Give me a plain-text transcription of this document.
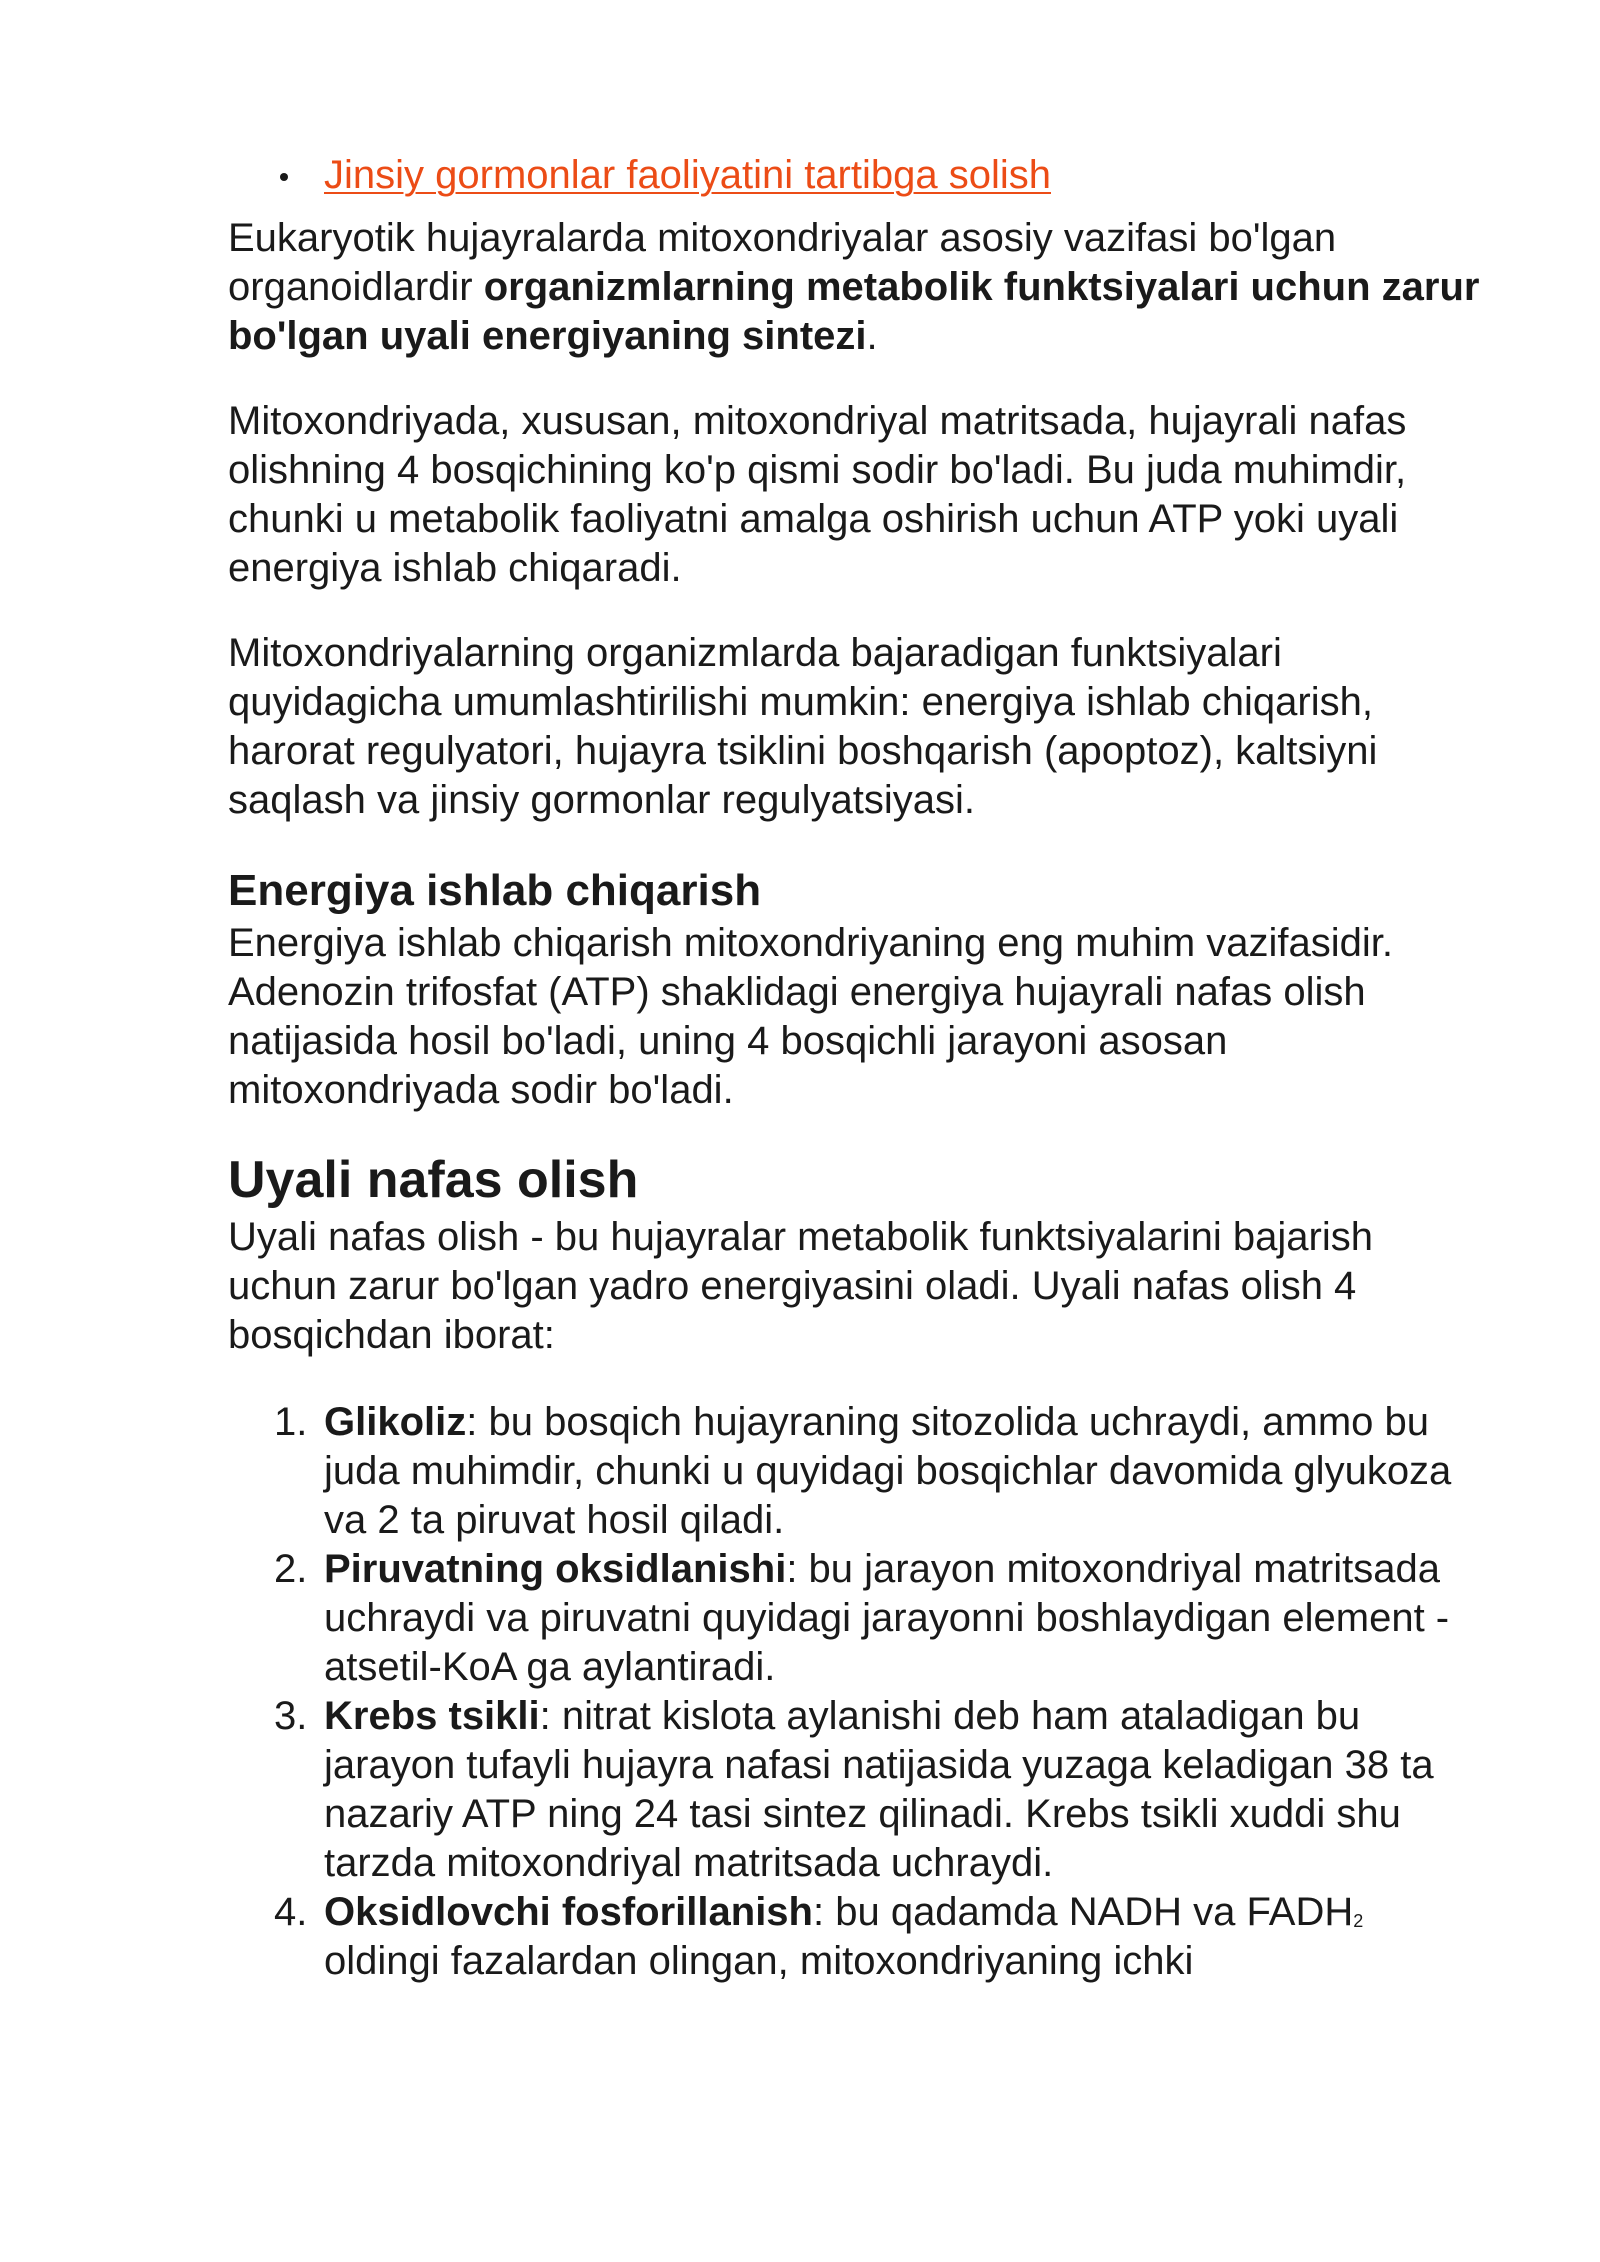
Jinsiy gormonlar faoliyatini tartibga solish

Eukaryotik hujayralarda mitoxondriyalar asosiy vazifasi bo'lgan organoidlardir organizmlarning metabolik funktsiyalari uchun zarur bo'lgan uyali energiyaning sintezi.

Mitoxondriyada, xususan, mitoxondriyal matritsada, hujayrali nafas olishning 4 bosqichining ko'p qismi sodir bo'ladi. Bu juda muhimdir, chunki u metabolik faoliyatni amalga oshirish uchun ATP yoki uyali energiya ishlab chiqaradi.

Mitoxondriyalarning organizmlarda bajaradigan funktsiyalari quyidagicha umumlashtirilishi mumkin: energiya ishlab chiqarish, harorat regulyatori, hujayra tsiklini boshqarish (apoptoz), kaltsiyni saqlash va jinsiy gormonlar regulyatsiyasi.

Energiya ishlab chiqarish

Energiya ishlab chiqarish mitoxondriyaning eng muhim vazifasidir. Adenozin trifosfat (ATP) shaklidagi energiya hujayrali nafas olish natijasida hosil bo'ladi, uning 4 bosqichli jarayoni asosan mitoxondriyada sodir bo'ladi.

Uyali nafas olish

Uyali nafas olish - bu hujayralar metabolik funktsiyalarini bajarish uchun zarur bo'lgan yadro energiyasini oladi. Uyali nafas olish 4 bosqichdan iborat:

1. Glikoliz: bu bosqich hujayraning sitozolida uchraydi, ammo bu juda muhimdir, chunki u quyidagi bosqichlar davomida glyukoza va 2 ta piruvat hosil qiladi.
2. Piruvatning oksidlanishi: bu jarayon mitoxondriyal matritsada uchraydi va piruvatni quyidagi jarayonni boshlaydigan element - atsetil-KoA ga aylantiradi.
3. Krebs tsikli: nitrat kislota aylanishi deb ham ataladigan bu jarayon tufayli hujayra nafasi natijasida yuzaga keladigan 38 ta nazariy ATP ning 24 tasi sintez qilinadi. Krebs tsikli xuddi shu tarzda mitoxondriyal matritsada uchraydi.
4. Oksidlovchi fosforillanish: bu qadamda NADH va $FADH_2$ oldingi fazalardan olingan, mitoxondriyaning ichki
